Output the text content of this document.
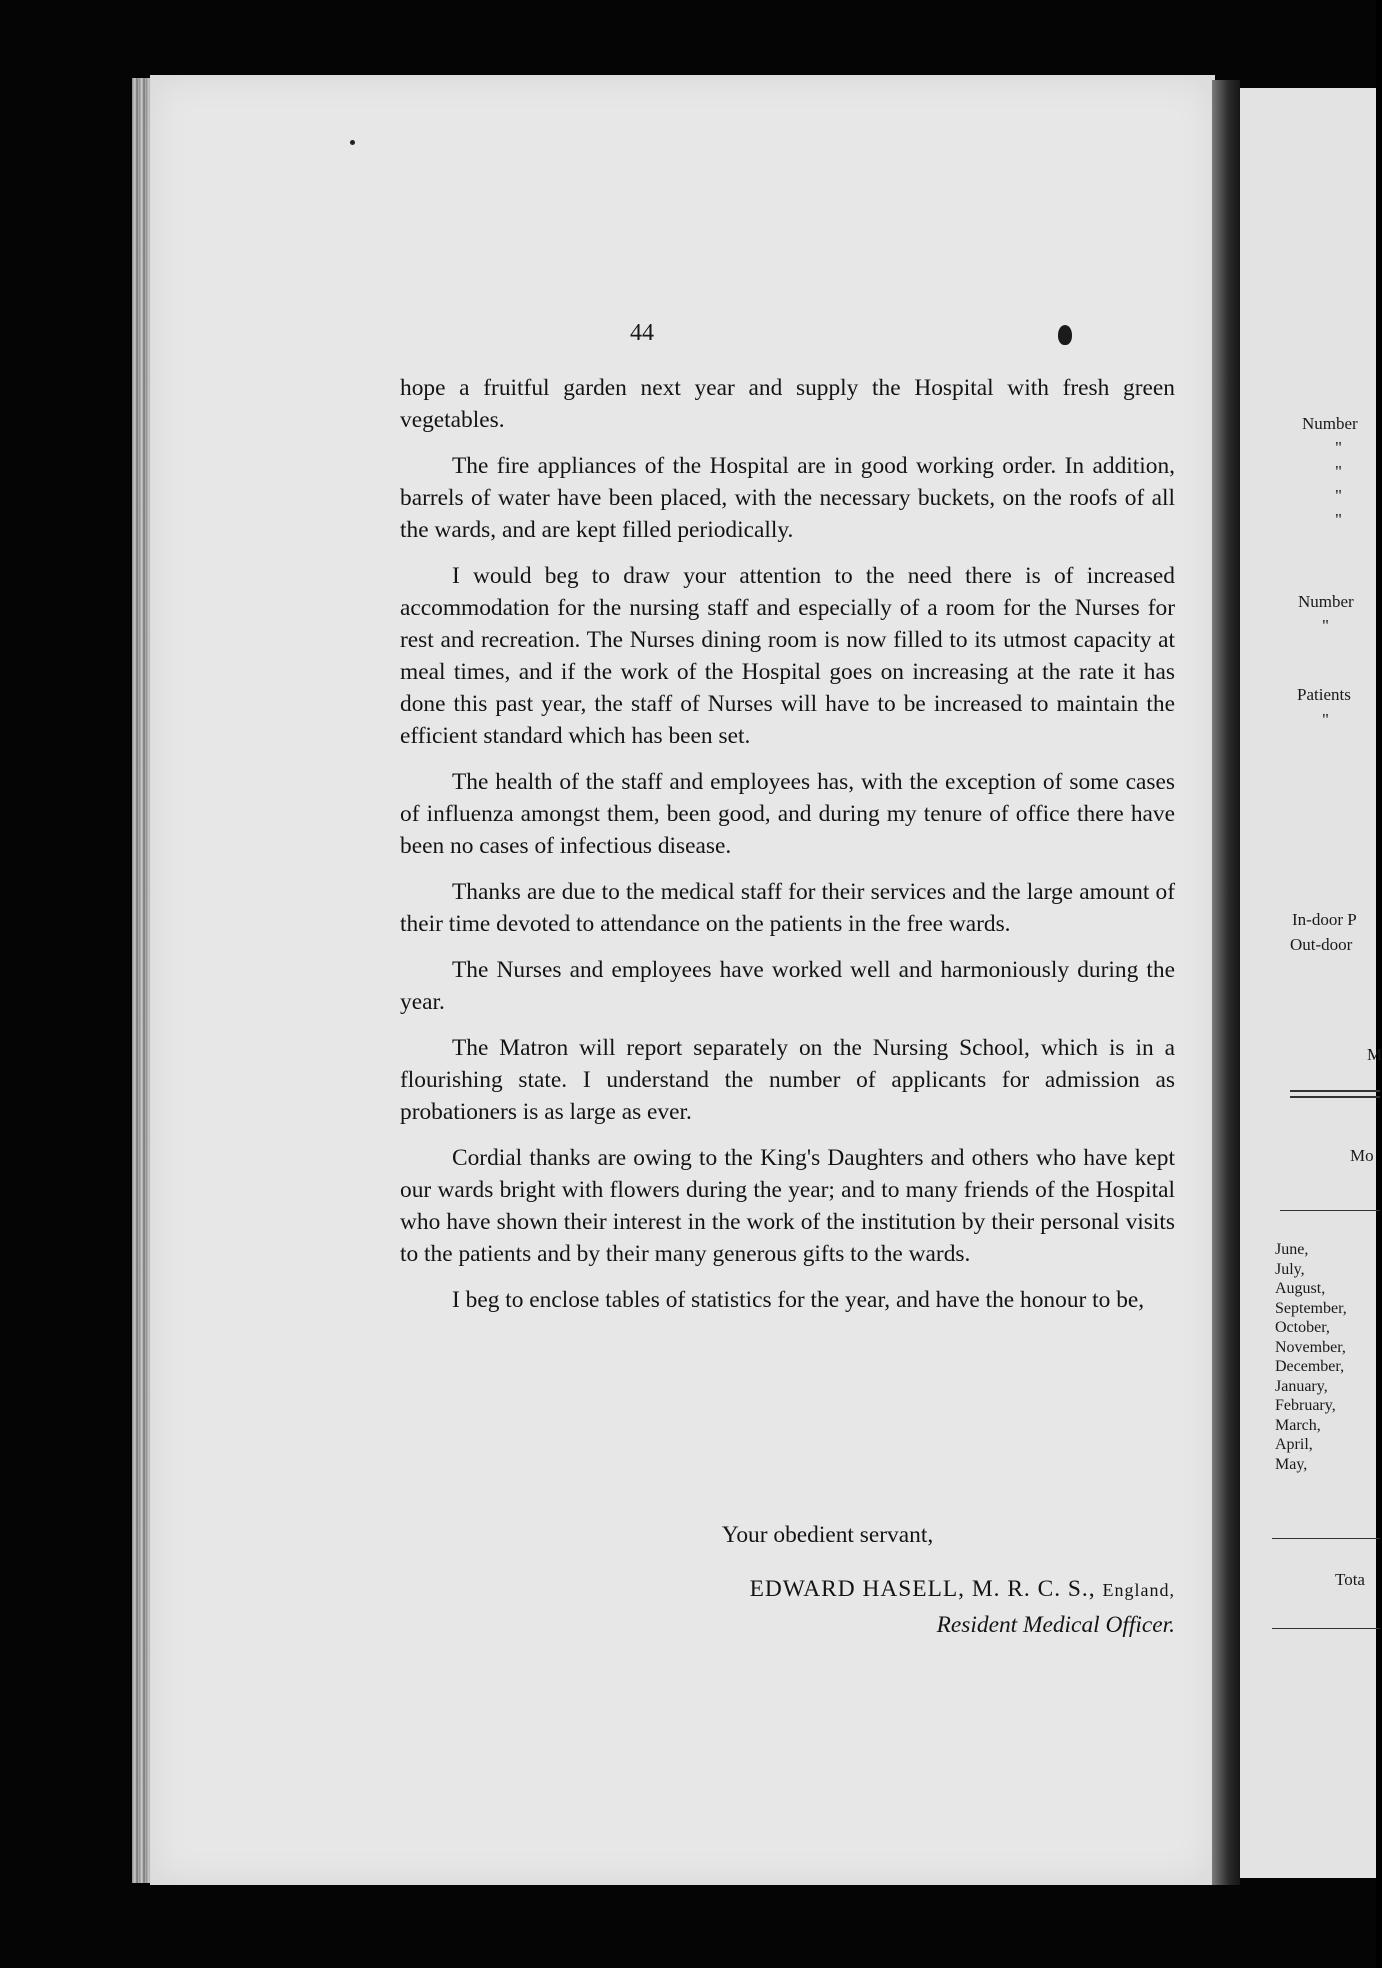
44

hope a fruitful garden next year and supply the Hospital with fresh green vegetables.

The fire appliances of the Hospital are in good working order. In addition, barrels of water have been placed, with the necessary buckets, on the roofs of all the wards, and are kept filled periodically.

I would beg to draw your attention to the need there is of increased accommodation for the nursing staff and especially of a room for the Nurses for rest and recreation. The Nurses dining room is now filled to its utmost capacity at meal times, and if the work of the Hospital goes on increasing at the rate it has done this past year, the staff of Nurses will have to be increased to maintain the efficient standard which has been set.

The health of the staff and employees has, with the exception of some cases of influenza amongst them, been good, and during my tenure of office there have been no cases of infectious disease.

Thanks are due to the medical staff for their services and the large amount of their time devoted to attendance on the patients in the free wards.

The Nurses and employees have worked well and harmoniously during the year.

The Matron will report separately on the Nursing School, which is in a flourishing state. I understand the number of applicants for admission as probationers is as large as ever.

Cordial thanks are owing to the King's Daughters and others who have kept our wards bright with flowers during the year; and to many friends of the Hospital who have shown their interest in the work of the institution by their personal visits to the patients and by their many generous gifts to the wards.

I beg to enclose tables of statistics for the year, and have the honour to be,

Your obedient servant,
EDWARD HASELL, M. R. C. S., England,
Resident Medical Officer.
Number
"
"
"
"
Number
"
Patients
"
In-door P
Out-door
M
Mo
June,
July,
August,
September,
October,
November,
December,
January,
February,
March,
April,
May,
Tota
